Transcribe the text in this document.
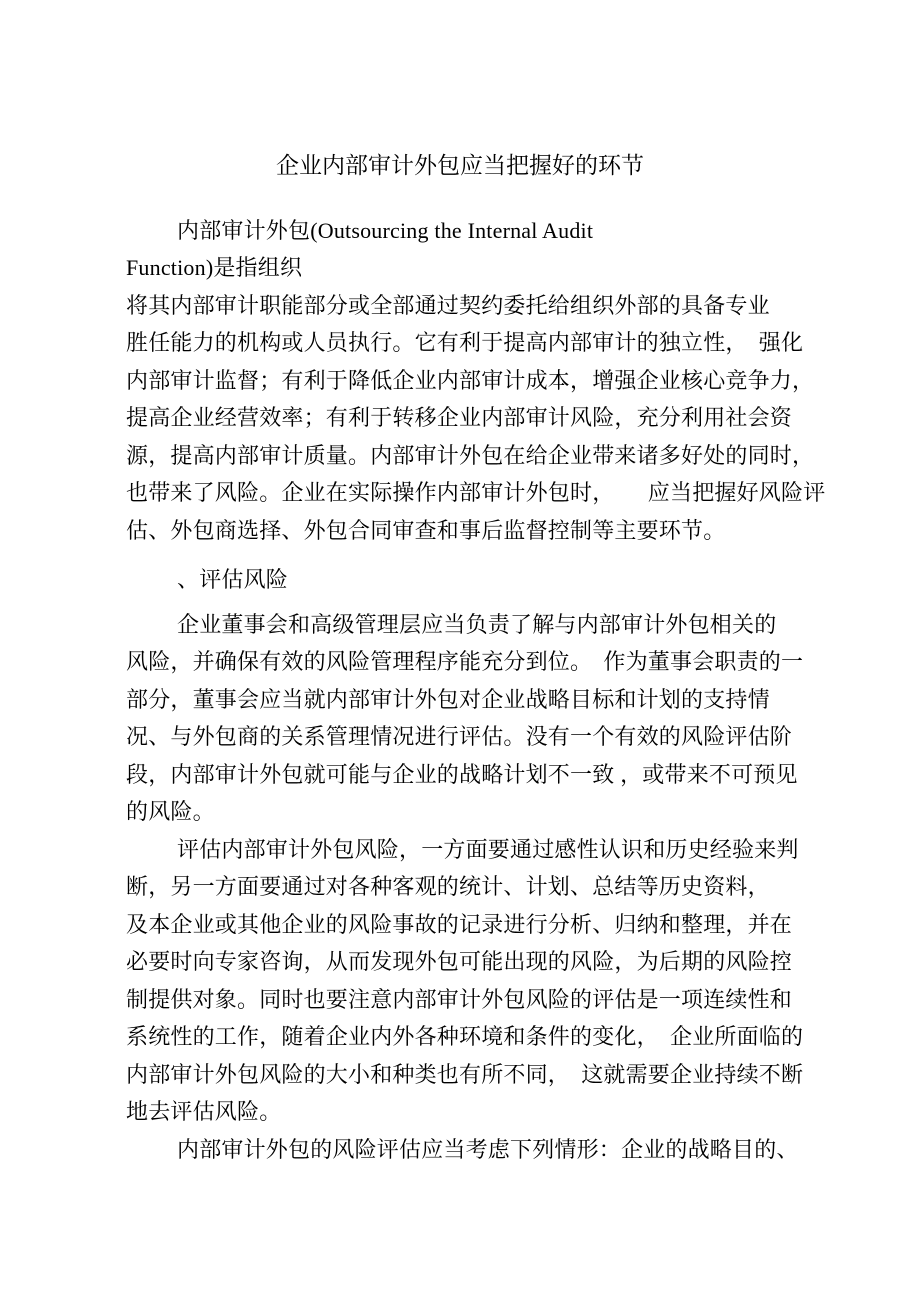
企业内部审计外包应当把握好的环节
内部审计外包(Outsourcing the Internal Audit
Function)是指组织
将其内部审计职能部分或全部通过契约委托给组织外部的具备专业
胜任能力的机构或人员执行。它有利于提高内部审计的独立性，　强化
内部审计监督；有利于降低企业内部审计成本，增强企业核心竞争力，
提高企业经营效率；有利于转移企业内部审计风险，充分利用社会资
源，提高内部审计质量。内部审计外包在给企业带来诸多好处的同时，
也带来了风险。企业在实际操作内部审计外包时，　　应当把握好风险评
估、外包商选择、外包合同审查和事后监督控制等主要环节。
、评估风险
企业董事会和高级管理层应当负责了解与内部审计外包相关的
风险，并确保有效的风险管理程序能充分到位。　作为董事会职责的一
部分，董事会应当就内部审计外包对企业战略目标和计划的支持情
况、与外包商的关系管理情况进行评估。没有一个有效的风险评估阶
段，内部审计外包就可能与企业的战略计划不一致 ，或带来不可预见
的风险。
评估内部审计外包风险，一方面要通过感性认识和历史经验来判
断，另一方面要通过对各种客观的统计、计划、总结等历史资料，
及本企业或其他企业的风险事故的记录进行分析、归纳和整理，并在
必要时向专家咨询，从而发现外包可能出现的风险，为后期的风险控
制提供对象。同时也要注意内部审计外包风险的评估是一项连续性和
系统性的工作，随着企业内外各种环境和条件的变化，　企业所面临的
内部审计外包风险的大小和种类也有所不同，　这就需要企业持续不断
地去评估风险。
内部审计外包的风险评估应当考虑下列情形：企业的战略目的、
